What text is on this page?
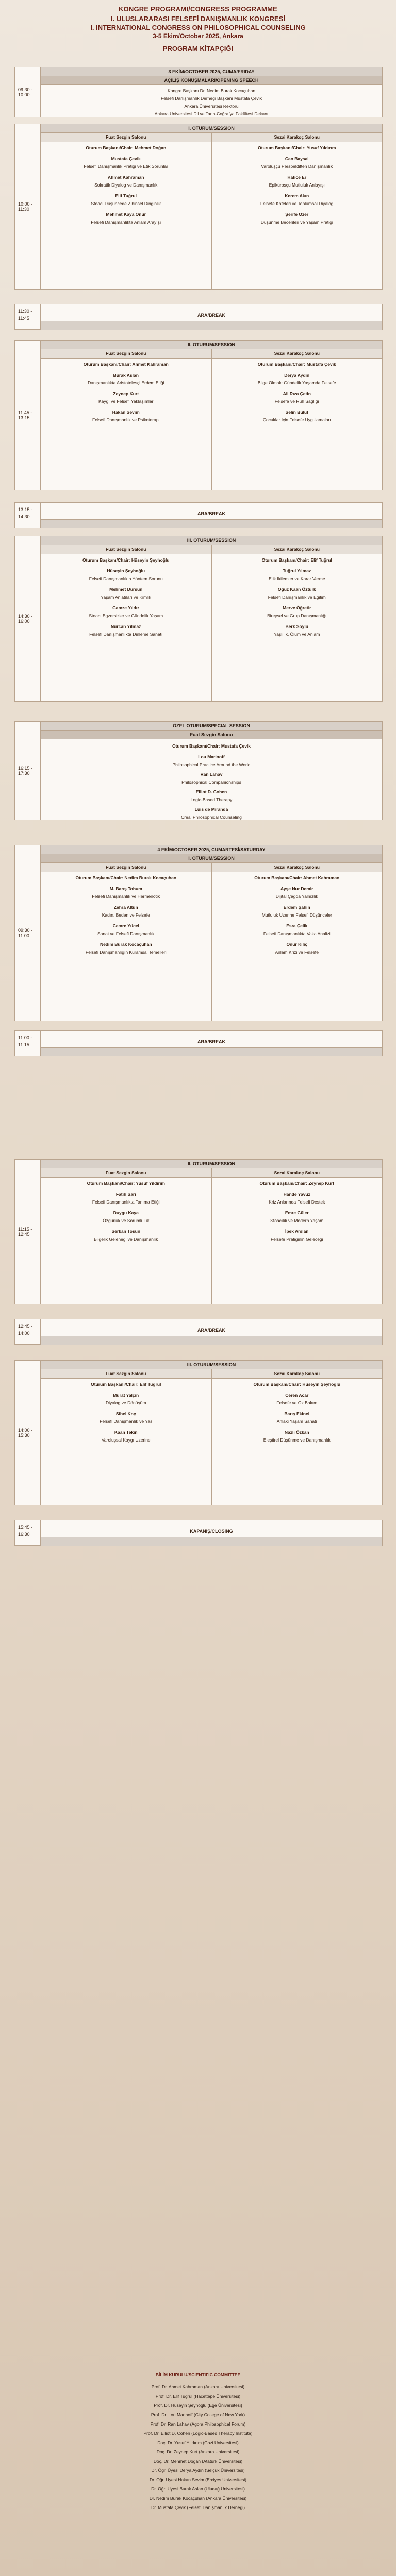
KONGRE PROGRAMI/CONGRESS PROGRAMME
I. ULUSLARARASI FELSEFİ DANIŞMANLIK KONGRESİ
I. INTERNATIONAL CONGRESS ON PHILOSOPHICAL COUNSELING
3-5 Ekim/October 2025, Ankara
PROGRAM KİTAPÇIĞI
09:30 - 10:00
3 EKİM/OCTOBER 2025, CUMA/FRIDAY
AÇILIŞ KONUŞMALARI/OPENING SPEECH
Kongre Başkanı Dr. Nedim Burak Kocaçuhan
Felsefi Danışmanlık Derneği Başkanı Mustafa Çevik
Ankara Üniversitesi Rektörü
Ankara Üniversitesi Dil ve Tarih-Coğrafya Fakültesi Dekanı
10:00 - 11:30
I. OTURUM/SESSION
Fuat Sezgin Salonu
Oturum Başkanı/Chair: Mehmet Doğan
Mustafa Çevik
Felsefi Danışmanlık Pratiği ve Etik Sorunlar
Ahmet Kahraman
Sokratik Diyalog ve Danışmanlık
Elif Tuğrul
Stoacı Düşüncede Zihinsel Dinginlik
Mehmet Kaya Onur
Felsefi Danışmanlıkta Anlam Arayışı
Sezai Karakoç Salonu
Oturum Başkanı/Chair: Yusuf Yıldırım
Can Baysal
Varoluşçu Perspektiften Danışmanlık
Hatice Er
Epikürosçu Mutluluk Anlayışı
Kerem Akın
Felsefe Kafeleri ve Toplumsal Diyalog
Şerife Özer
Düşünme Becerileri ve Yaşam Pratiği
11:30 - 11:45
ARA/BREAK
11:45 - 13:15
II. OTURUM/SESSION
Fuat Sezgin Salonu
Oturum Başkanı/Chair: Ahmet Kahraman
Burak Aslan
Danışmanlıkta Aristotelesçi Erdem Etiği
Zeynep Kurt
Kaygı ve Felsefi Yaklaşımlar
Hakan Sevim
Felsefi Danışmanlık ve Psikoterapi
Sezai Karakoç Salonu
Oturum Başkanı/Chair: Mustafa Çevik
Derya Aydın
Bilge Olmak: Gündelik Yaşamda Felsefe
Ali Rıza Çetin
Felsefe ve Ruh Sağlığı
Selin Bulut
Çocuklar İçin Felsefe Uygulamaları
13:15 - 14:30
ARA/BREAK
14:30 - 16:00
III. OTURUM/SESSION
Fuat Sezgin Salonu
Oturum Başkanı/Chair: Hüseyin Şeyhoğlu
Hüseyin Şeyhoğlu
Felsefi Danışmanlıkta Yöntem Sorunu
Mehmet Dursun
Yaşam Anlatıları ve Kimlik
Gamze Yıldız
Stoacı Egzersizler ve Gündelik Yaşam
Nurcan Yılmaz
Felsefi Danışmanlıkta Dinleme Sanatı
Sezai Karakoç Salonu
Oturum Başkanı/Chair: Elif Tuğrul
Tuğrul Yılmaz
Etik İkilemler ve Karar Verme
Oğuz Kaan Öztürk
Felsefi Danışmanlık ve Eğitim
Merve Öğretir
Bireysel ve Grup Danışmanlığı
Berk Soylu
Yaşlılık, Ölüm ve Anlam
16:15 - 17:30
ÖZEL OTURUM/SPECIAL SESSION
Fuat Sezgin Salonu
Oturum Başkanı/Chair: Mustafa Çevik
Lou Marinoff
Philosophical Practice Around the World
Ran Lahav
Philosophical Companionships
Elliot D. Cohen
Logic-Based Therapy
Luis de Miranda
Creal Philosophical Counseling
09:30 - 11:00
4 EKİM/OCTOBER 2025, CUMARTESİ/SATURDAY
I. OTURUM/SESSION
Fuat Sezgin Salonu
Oturum Başkanı/Chair: Nedim Burak Kocaçuhan
M. Barış Tohum
Felsefi Danışmanlık ve Hermenötik
Zehra Altun
Kadın, Beden ve Felsefe
Cemre Yücel
Sanat ve Felsefi Danışmanlık
Nedim Burak Kocaçuhan
Felsefi Danışmanlığın Kuramsal Temelleri
Sezai Karakoç Salonu
Oturum Başkanı/Chair: Ahmet Kahraman
Ayşe Nur Demir
Dijital Çağda Yalnızlık
Erdem Şahin
Mutluluk Üzerine Felsefi Düşünceler
Esra Çelik
Felsefi Danışmanlıkta Vaka Analizi
Onur Kılıç
Anlam Krizi ve Felsefe
11:00 - 11:15
ARA/BREAK
11:15 - 12:45
II. OTURUM/SESSION
Fuat Sezgin Salonu
Oturum Başkanı/Chair: Yusuf Yıldırım
Fatih Sarı
Felsefi Danışmanlıkta Tanıma Etiği
Duygu Kaya
Özgürlük ve Sorumluluk
Serkan Tosun
Bilgelik Geleneği ve Danışmanlık
Sezai Karakoç Salonu
Oturum Başkanı/Chair: Zeynep Kurt
Hande Yavuz
Kriz Anlarında Felsefi Destek
Emre Güler
Stoacılık ve Modern Yaşam
İpek Arslan
Felsefe Pratiğinin Geleceği
12:45 - 14:00
ARA/BREAK
14:00 - 15:30
III. OTURUM/SESSION
Fuat Sezgin Salonu
Oturum Başkanı/Chair: Elif Tuğrul
Murat Yalçın
Diyalog ve Dönüşüm
Sibel Koç
Felsefi Danışmanlık ve Yas
Kaan Tekin
Varoluşsal Kaygı Üzerine
Sezai Karakoç Salonu
Oturum Başkanı/Chair: Hüseyin Şeyhoğlu
Ceren Acar
Felsefe ve Öz Bakım
Barış Ekinci
Ahlaki Yaşam Sanatı
Nazlı Özkan
Eleştirel Düşünme ve Danışmanlık
15:45 - 16:30
KAPANIŞ/CLOSING
BİLİM KURULU/SCIENTIFIC COMMITTEE
Prof. Dr. Ahmet Kahraman (Ankara Üniversitesi)
Prof. Dr. Elif Tuğrul (Hacettepe Üniversitesi)
Prof. Dr. Hüseyin Şeyhoğlu (Ege Üniversitesi)
Prof. Dr. Lou Marinoff (City College of New York)
Prof. Dr. Ran Lahav (Agora Philosophical Forum)
Prof. Dr. Elliot D. Cohen (Logic-Based Therapy Institute)
Doç. Dr. Yusuf Yıldırım (Gazi Üniversitesi)
Doç. Dr. Zeynep Kurt (Ankara Üniversitesi)
Doç. Dr. Mehmet Doğan (Atatürk Üniversitesi)
Dr. Öğr. Üyesi Derya Aydın (Selçuk Üniversitesi)
Dr. Öğr. Üyesi Hakan Sevim (Erciyes Üniversitesi)
Dr. Öğr. Üyesi Burak Aslan (Uludağ Üniversitesi)
Dr. Nedim Burak Kocaçuhan (Ankara Üniversitesi)
Dr. Mustafa Çevik (Felsefi Danışmanlık Derneği)
